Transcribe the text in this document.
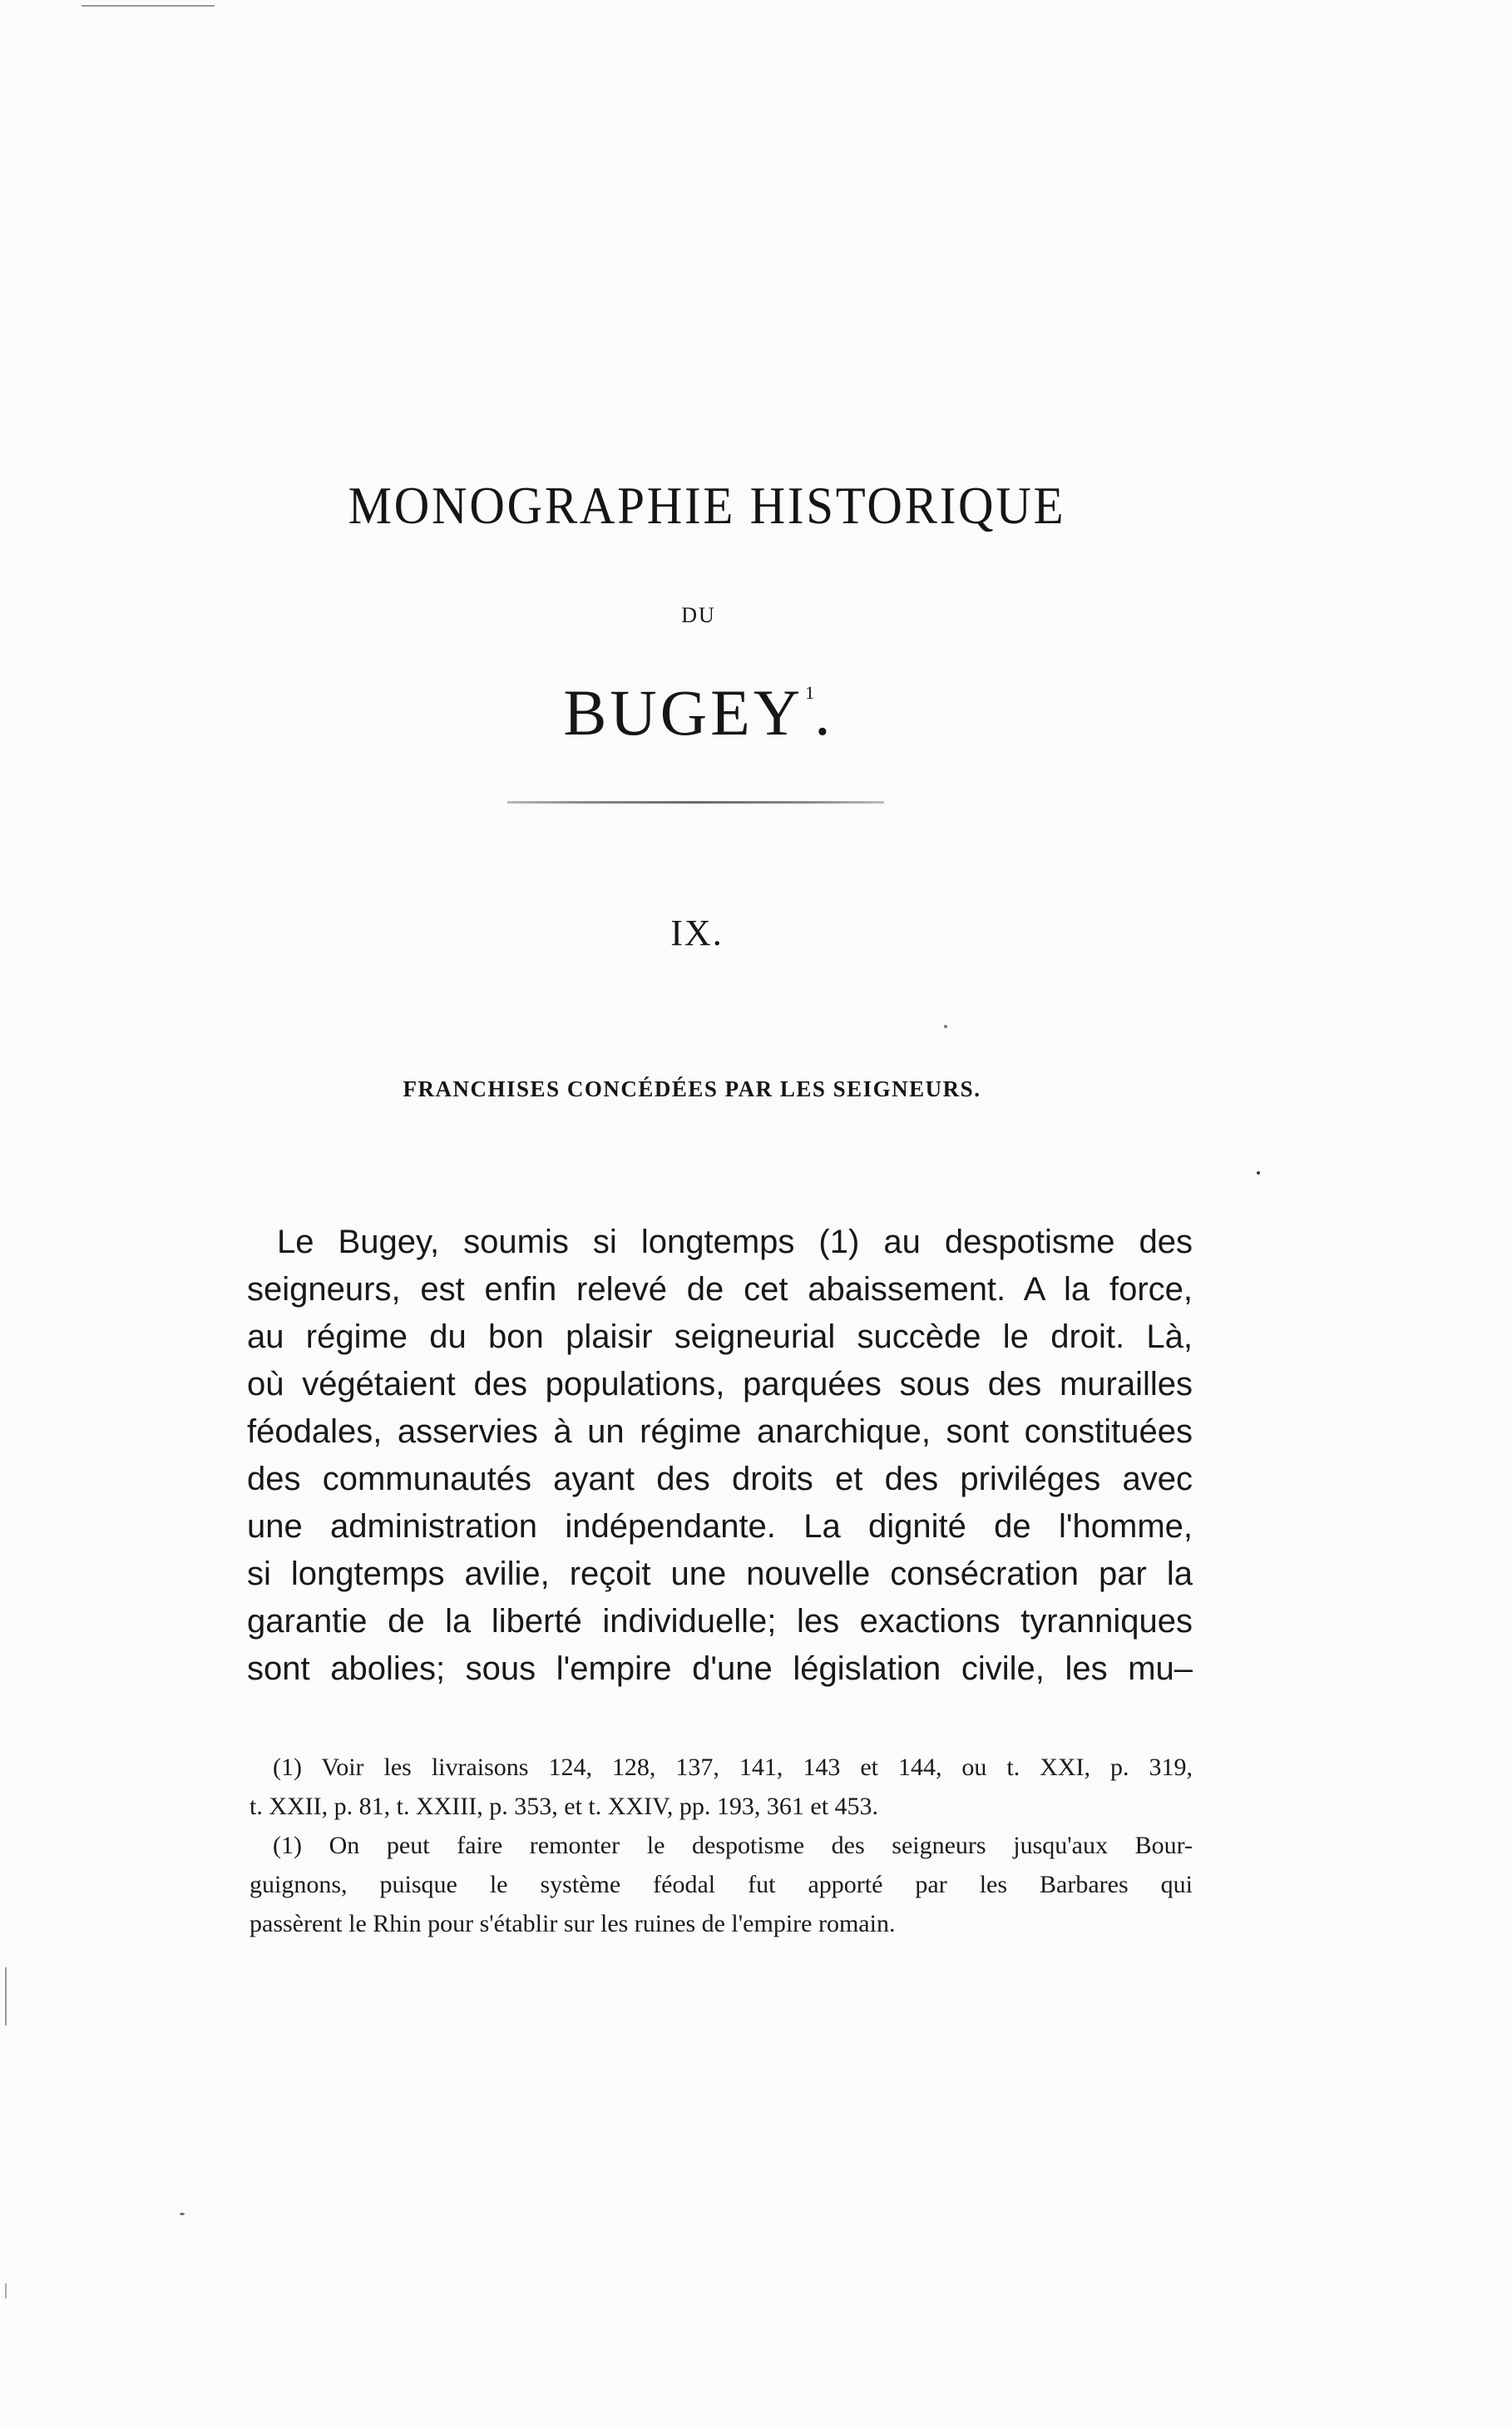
MONOGRAPHIE HISTORIQUE
DU
BUGEY$^1$.
IX.
FRANCHISES CONCÉDÉES PAR LES SEIGNEURS.
Le Bugey, soumis si longtemps (1) au despotisme des
seigneurs, est enfin relevé de cet abaissement. A la force,
au régime du bon plaisir seigneurial succède le droit. Là,
où végétaient des populations, parquées sous des murailles
féodales, asservies à un régime anarchique, sont constituées
des communautés ayant des droits et des priviléges avec
une administration indépendante. La dignité de l'homme,
si longtemps avilie, reçoit une nouvelle consécration par la
garantie de la liberté individuelle; les exactions tyranniques
sont abolies; sous l'empire d'une législation civile, les mu–
(1) Voir les livraisons 124, 128, 137, 141, 143 et 144, ou t. XXI, p. 319,
t. XXII, p. 81, t. XXIII, p. 353, et t. XXIV, pp. 193, 361 et 453.
(1) On peut faire remonter le despotisme des seigneurs jusqu'aux Bour-
guignons, puisque le système féodal fut apporté par les Barbares qui
passèrent le Rhin pour s'établir sur les ruines de l'empire romain.
